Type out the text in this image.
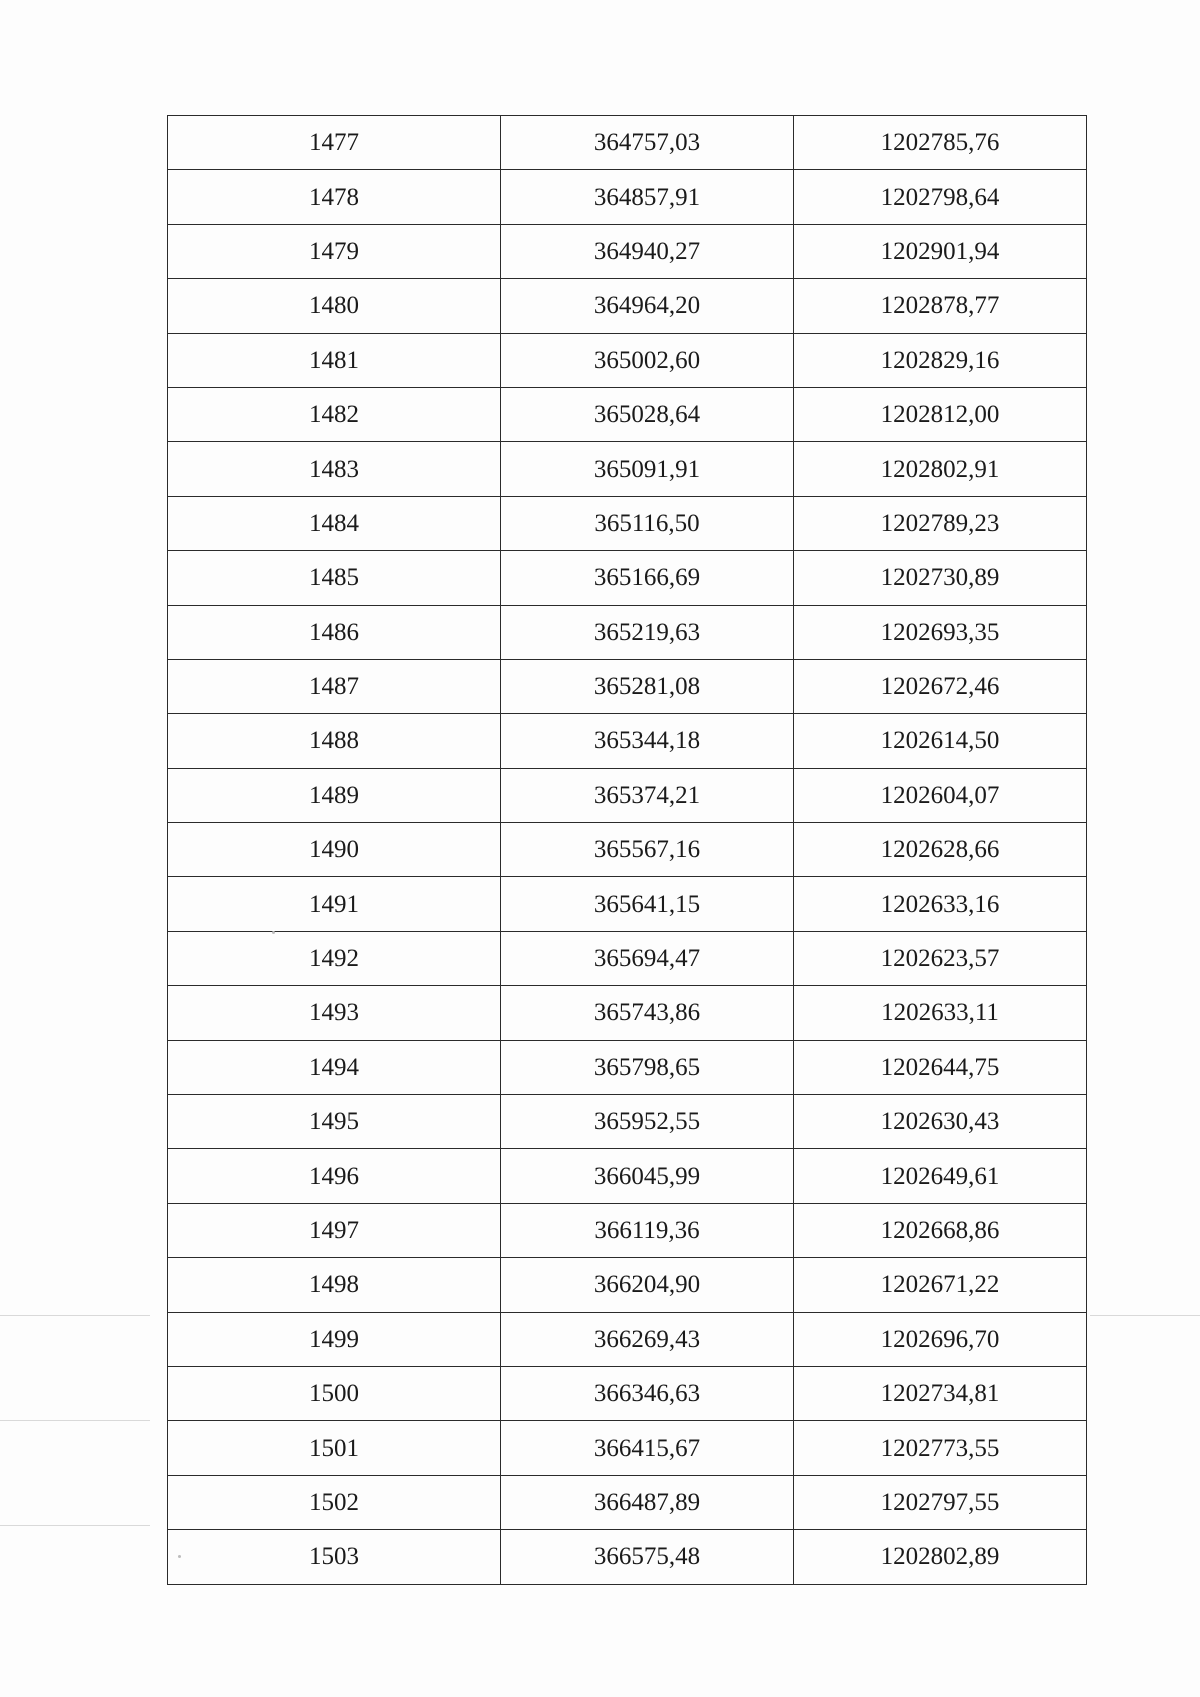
1477	364757,03	1202785,76
1478	364857,91	1202798,64
1479	364940,27	1202901,94
1480	364964,20	1202878,77
1481	365002,60	1202829,16
1482	365028,64	1202812,00
1483	365091,91	1202802,91
1484	365116,50	1202789,23
1485	365166,69	1202730,89
1486	365219,63	1202693,35
1487	365281,08	1202672,46
1488	365344,18	1202614,50
1489	365374,21	1202604,07
1490	365567,16	1202628,66
1491	365641,15	1202633,16
1492	365694,47	1202623,57
1493	365743,86	1202633,11
1494	365798,65	1202644,75
1495	365952,55	1202630,43
1496	366045,99	1202649,61
1497	366119,36	1202668,86
1498	366204,90	1202671,22
1499	366269,43	1202696,70
1500	366346,63	1202734,81
1501	366415,67	1202773,55
1502	366487,89	1202797,55
1503	366575,48	1202802,89
